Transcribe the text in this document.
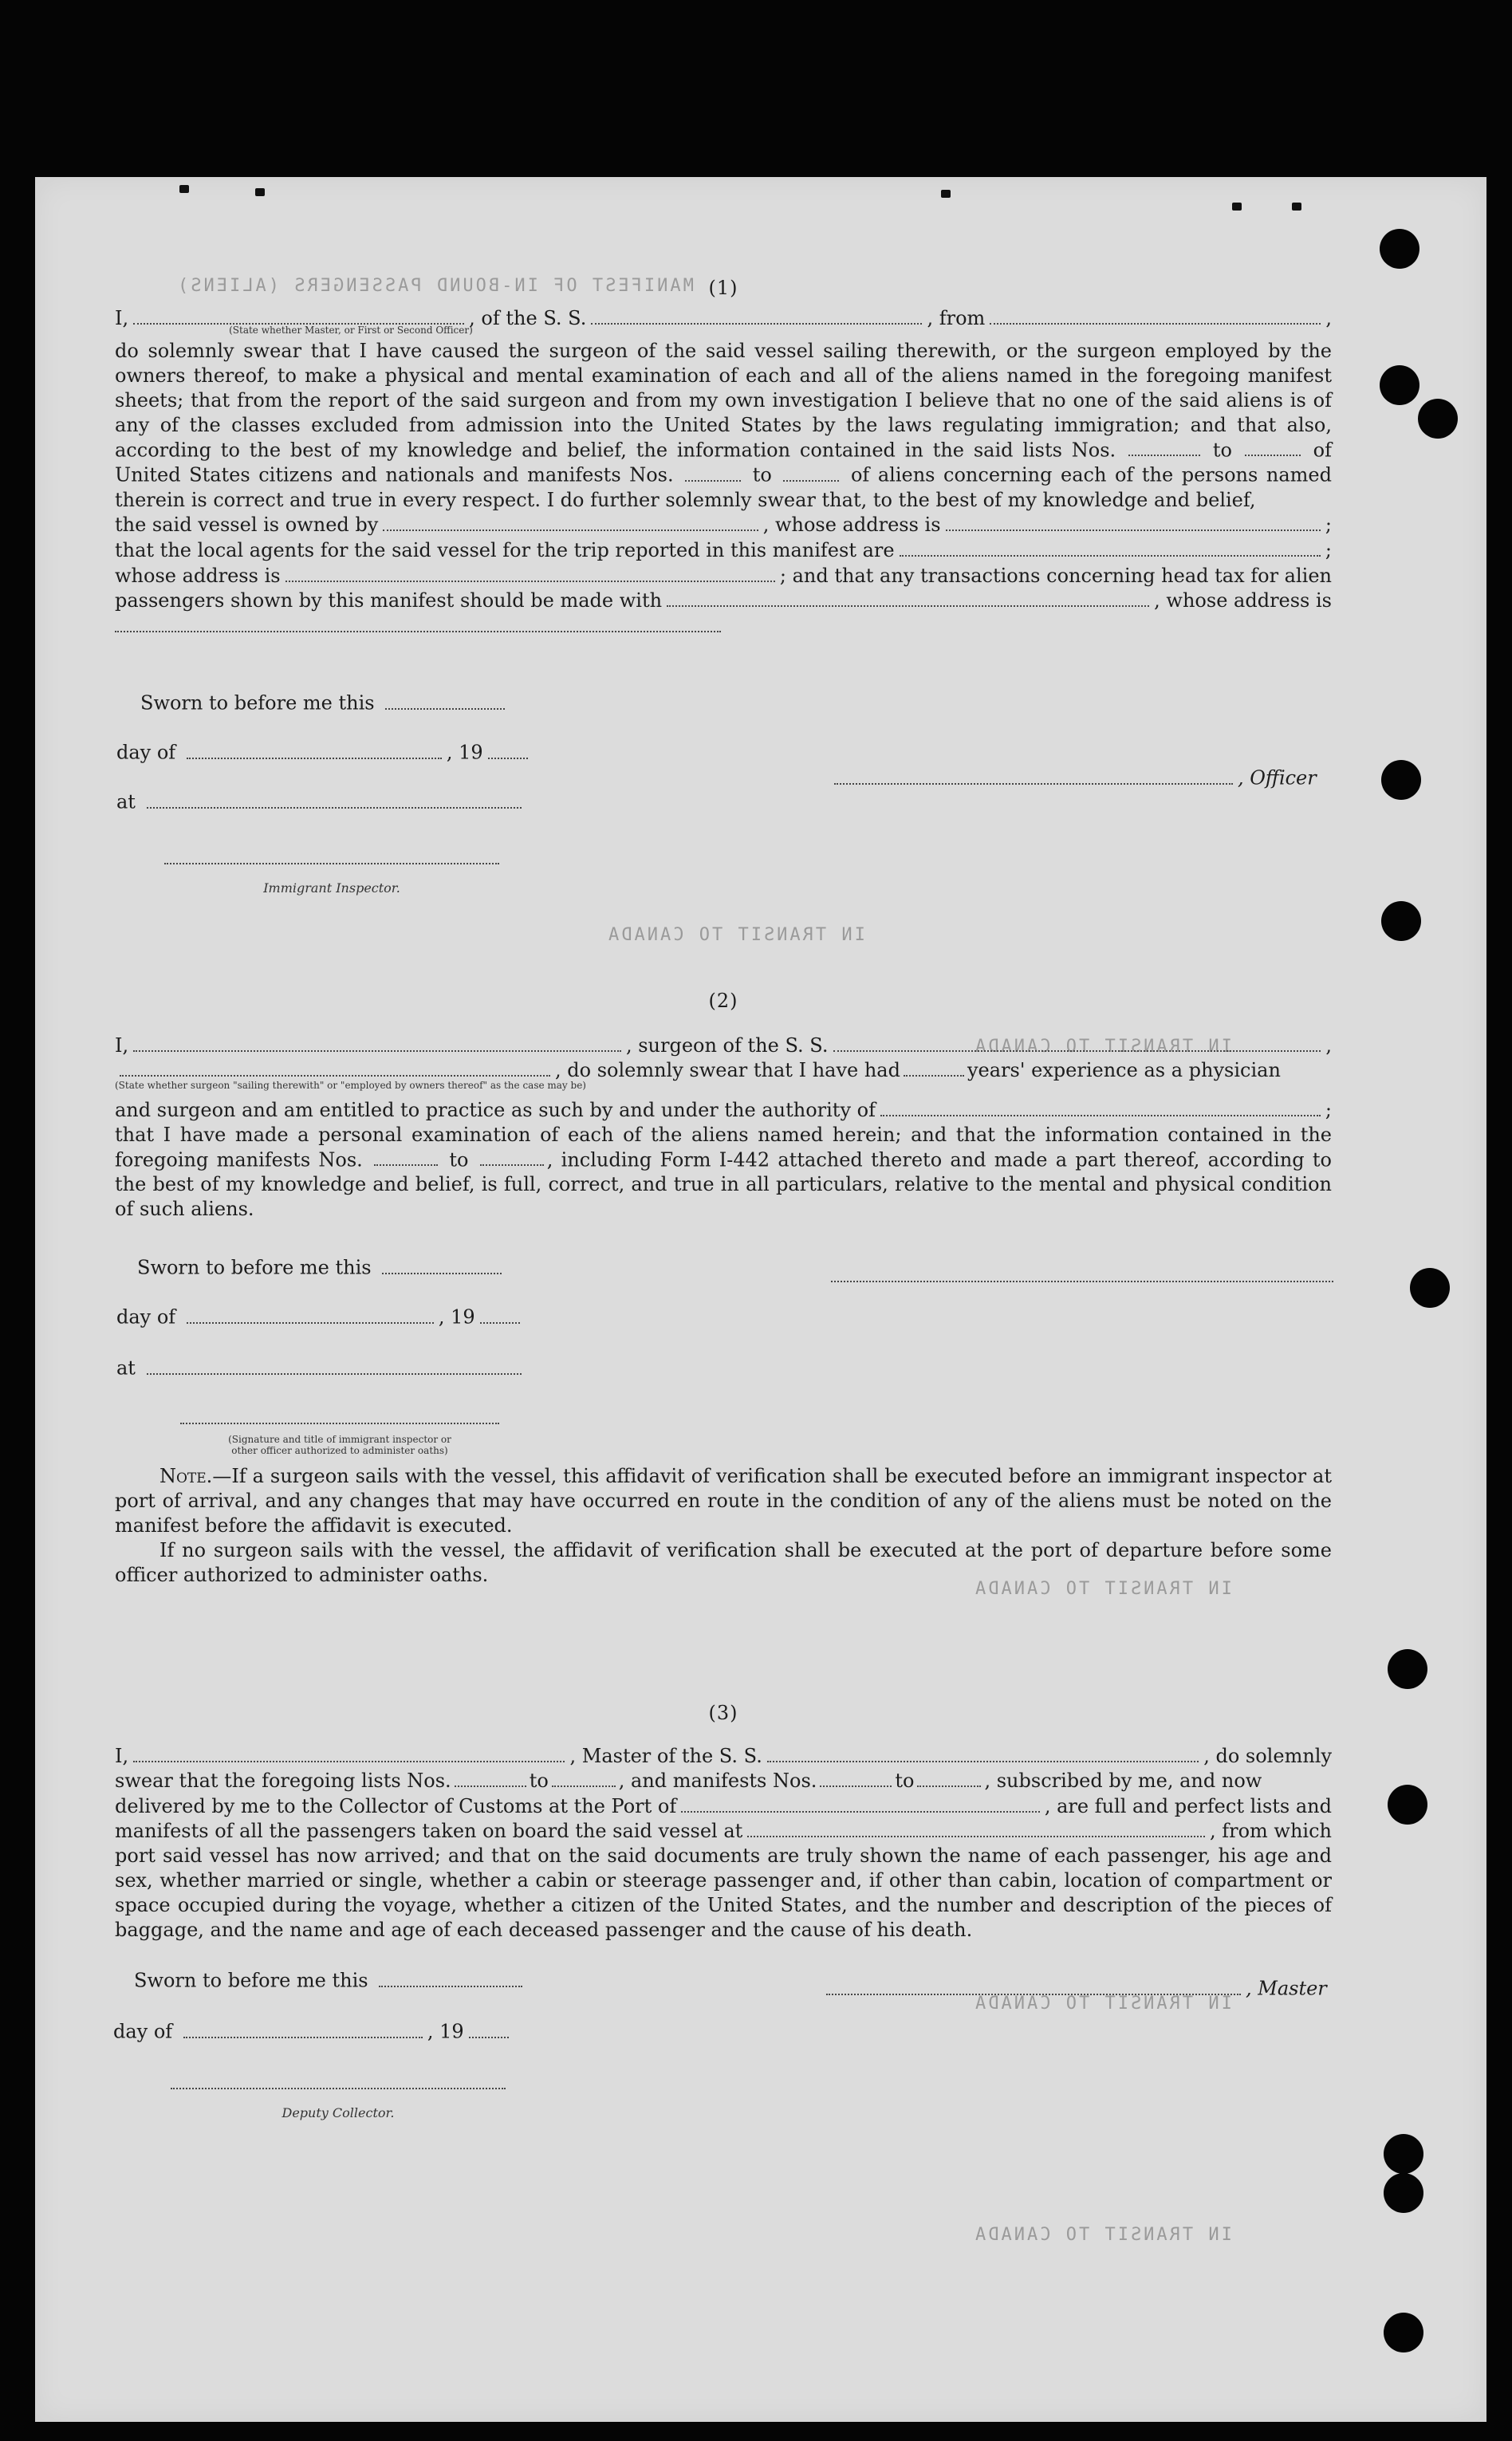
MANIFEST OF IN-BOUND PASSENGERS (ALIENS)
IN TRANSIT TO CANADA
IN TRANSIT TO CANADA
IN TRANSIT TO CANADA
IN TRANSIT TO CANADA
IN TRANSIT TO CANADA
(1)
I,
(State whether Master, or First or Second Officer)
, of the S. S.	, from	,
do solemnly swear that I have caused the surgeon of the said vessel sailing therewith, or the surgeon employed by the owners thereof, to make a physical and mental examination of each and all of the aliens named in the foregoing manifest sheets; that from the report of the said surgeon and from my own investigation I believe that no one of the said aliens is of any of the classes excluded from admission into the United States by the laws regulating immigration; and that also, according to the best of my knowledge and belief, the information contained in the said lists Nos.	to	of United States citizens and nationals and manifests Nos.	to	of aliens concerning each of the persons named therein is correct and true in every respect. I do further solemnly swear that, to the best of my knowledge and belief,
the said vessel is owned by	, whose address is	;
that the local agents for the said vessel for the trip reported in this manifest are	;
whose address is	; and that any transactions concerning head tax for alien
passengers shown by this manifest should be made with	, whose address is
Sworn to before me this
day of	, 19
at
Immigrant Inspector.
, Officer
(2)
I,	, surgeon of the S. S.	,
, do solemnly swear that I have had	years' experience as a physician
(State whether surgeon "sailing therewith" or "employed by owners thereof" as the case may be)
and surgeon and am entitled to practice as such by and under the authority of	;
that I have made a personal examination of each of the aliens named herein; and that the information contained in the foregoing manifests Nos.	to	, including Form I-442 attached thereto and made a part thereof, according to the best of my knowledge and belief, is full, correct, and true in all particulars, relative to the mental and physical condition of such aliens.
Sworn to before me this
day of	, 19
at
(Signature and title of immigrant inspector or
other officer authorized to administer oaths)
Note.—If a surgeon sails with the vessel, this affidavit of verification shall be executed before an immigrant inspector at port of arrival, and any changes that may have occurred en route in the condition of any of the aliens must be noted on the manifest before the affidavit is executed.
If no surgeon sails with the vessel, the affidavit of verification shall be executed at the port of departure before some officer authorized to administer oaths.
(3)
I,	, Master of the S. S.	, do solemnly
swear that the foregoing lists Nos.	to	, and manifests Nos.	to	, subscribed by me, and now
delivered by me to the Collector of Customs at the Port of	, are full and perfect lists and
manifests of all the passengers taken on board the said vessel at	, from which
port said vessel has now arrived; and that on the said documents are truly shown the name of each passenger, his age and sex, whether married or single, whether a cabin or steerage passenger and, if other than cabin, location of compartment or space occupied during the voyage, whether a citizen of the United States, and the number and description of the pieces of baggage, and the name and age of each deceased passenger and the cause of his death.
Sworn to before me this
day of	, 19
Deputy Collector.
, Master
